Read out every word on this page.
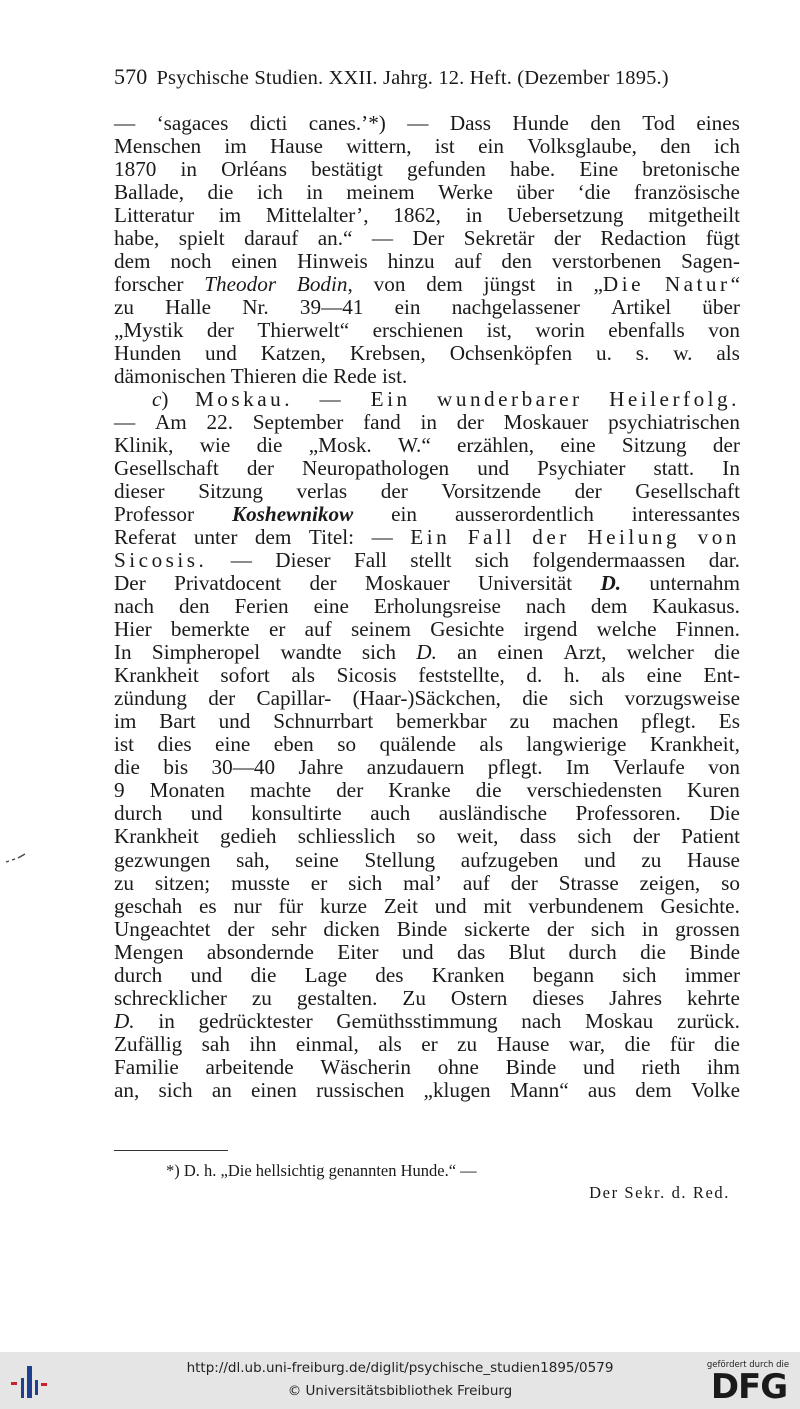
570 Psychische Studien. XXII. Jahrg. 12. Heft. (Dezember 1895.)
— ‘sagaces dicti canes.’*) — Dass Hunde den Tod eines
Menschen im Hause wittern, ist ein Volksglaube, den ich
1870 in Orléans bestätigt gefunden habe. Eine bretonische
Ballade, die ich in meinem Werke über ‘die französische
Litteratur im Mittelalter’, 1862, in Uebersetzung mitgetheilt
habe, spielt darauf an.“ — Der Sekretär der Redaction fügt
dem noch einen Hinweis hinzu auf den verstorbenen Sagen-
forscher Theodor Bodin, von dem jüngst in „Die Natur“
zu Halle Nr. 39—41 ein nachgelassener Artikel über
„Mystik der Thierwelt“ erschienen ist, worin ebenfalls von
Hunden und Katzen, Krebsen, Ochsenköpfen u. s. w. als
dämonischen Thieren die Rede ist.
c) Moskau. — Ein wunderbarer Heilerfolg.
— Am 22. September fand in der Moskauer psychiatrischen
Klinik, wie die „Mosk. W.“ erzählen, eine Sitzung der
Gesellschaft der Neuropathologen und Psychiater statt. In
dieser Sitzung verlas der Vorsitzende der Gesellschaft
Professor Koshewnikow ein ausserordentlich interessantes
Referat unter dem Titel: — Ein Fall der Heilung von
Sicosis. — Dieser Fall stellt sich folgendermaassen dar.
Der Privatdocent der Moskauer Universität D. unternahm
nach den Ferien eine Erholungsreise nach dem Kaukasus.
Hier bemerkte er auf seinem Gesichte irgend welche Finnen.
In Simpheropel wandte sich D. an einen Arzt, welcher die
Krankheit sofort als Sicosis feststellte, d. h. als eine Ent-
zündung der Capillar- (Haar-)Säckchen, die sich vorzugsweise
im Bart und Schnurrbart bemerkbar zu machen pflegt. Es
ist dies eine eben so quälende als langwierige Krankheit,
die bis 30—40 Jahre anzudauern pflegt. Im Verlaufe von
9 Monaten machte der Kranke die verschiedensten Kuren
durch und konsultirte auch ausländische Professoren. Die
Krankheit gedieh schliesslich so weit, dass sich der Patient
gezwungen sah, seine Stellung aufzugeben und zu Hause
zu sitzen; musste er sich mal’ auf der Strasse zeigen, so
geschah es nur für kurze Zeit und mit verbundenem Gesichte.
Ungeachtet der sehr dicken Binde sickerte der sich in grossen
Mengen absondernde Eiter und das Blut durch die Binde
durch und die Lage des Kranken begann sich immer
schrecklicher zu gestalten. Zu Ostern dieses Jahres kehrte
D. in gedrücktester Gemüthsstimmung nach Moskau zurück.
Zufällig sah ihn einmal, als er zu Hause war, die für die
Familie arbeitende Wäscherin ohne Binde und rieth ihm
an, sich an einen russischen „klugen Mann“ aus dem Volke
*) D. h. „Die hellsichtig genannten Hunde.“ —
Der Sekr. d. Red.
http://dl.ub.uni-freiburg.de/diglit/psychische_studien1895/0579
© Universitätsbibliothek Freiburg
gefördert durch die
DFG
